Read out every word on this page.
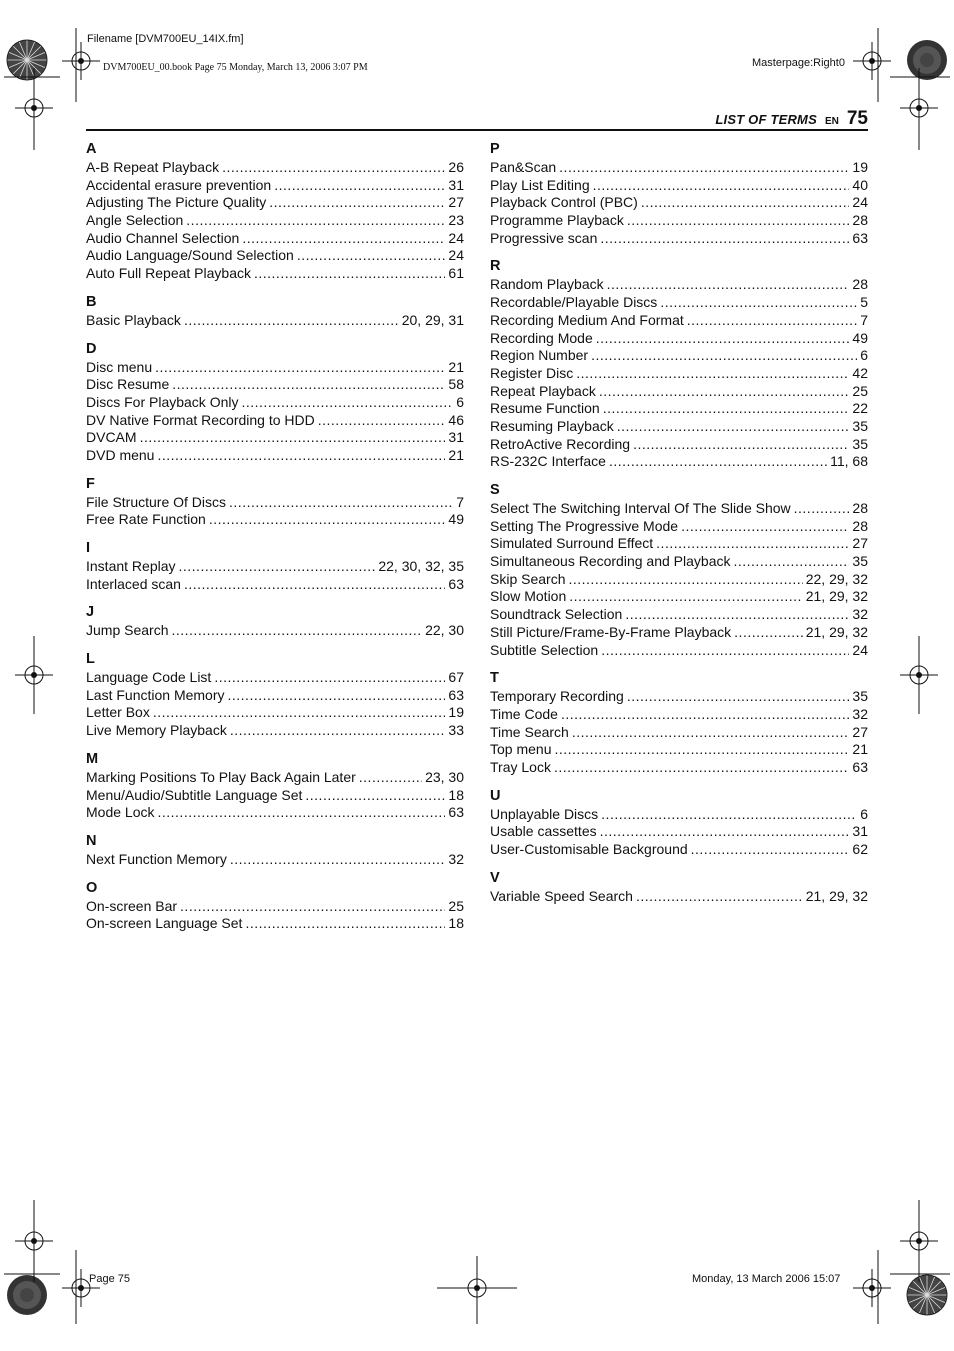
Filename [DVM700EU_14IX.fm]
DVM700EU_00.book Page 75 Monday, March 13, 2006 3:07 PM	Masterpage:Right0
Page 75	Monday, 13 March 2006 15:07
LIST OF TERMS EN 75
A
A-B Repeat Playback .....	26
Accidental erasure prevention .....	31
Adjusting The Picture Quality .....	27
Angle Selection .....	23
Audio Channel Selection .....	24
Audio Language/Sound Selection .....	24
Auto Full Repeat Playback .....	61
B
Basic Playback .....	20, 29, 31
D
Disc menu .....	21
Disc Resume .....	58
Discs For Playback Only .....	6
DV Native Format Recording to HDD .....	46
DVCAM .....	31
DVD menu .....	21
F
File Structure Of Discs .....	7
Free Rate Function .....	49
I
Instant Replay .....	22, 30, 32, 35
Interlaced scan .....	63
J
Jump Search .....	22, 30
L
Language Code List .....	67
Last Function Memory .....	63
Letter Box .....	19
Live Memory Playback .....	33
M
Marking Positions To Play Back Again Later .....	23, 30
Menu/Audio/Subtitle Language Set .....	18
Mode Lock .....	63
N
Next Function Memory .....	32
O
On-screen Bar .....	25
On-screen Language Set .....	18
P
Pan&Scan .....	19
Play List Editing .....	40
Playback Control (PBC) .....	24
Programme Playback .....	28
Progressive scan .....	63
R
Random Playback .....	28
Recordable/Playable Discs .....	5
Recording Medium And Format .....	7
Recording Mode .....	49
Region Number .....	6
Register Disc .....	42
Repeat Playback .....	25
Resume Function .....	22
Resuming Playback .....	35
RetroActive Recording .....	35
RS-232C Interface .....	11, 68
S
Select The Switching Interval Of The Slide Show .....	28
Setting The Progressive Mode .....	28
Simulated Surround Effect .....	27
Simultaneous Recording and Playback .....	35
Skip Search .....	22, 29, 32
Slow Motion .....	21, 29, 32
Soundtrack Selection .....	32
Still Picture/Frame-By-Frame Playback .....	21, 29, 32
Subtitle Selection .....	24
T
Temporary Recording .....	35
Time Code .....	32
Time Search .....	27
Top menu .....	21
Tray Lock .....	63
U
Unplayable Discs .....	6
Usable cassettes .....	31
User-Customisable Background .....	62
V
Variable Speed Search .....	21, 29, 32
